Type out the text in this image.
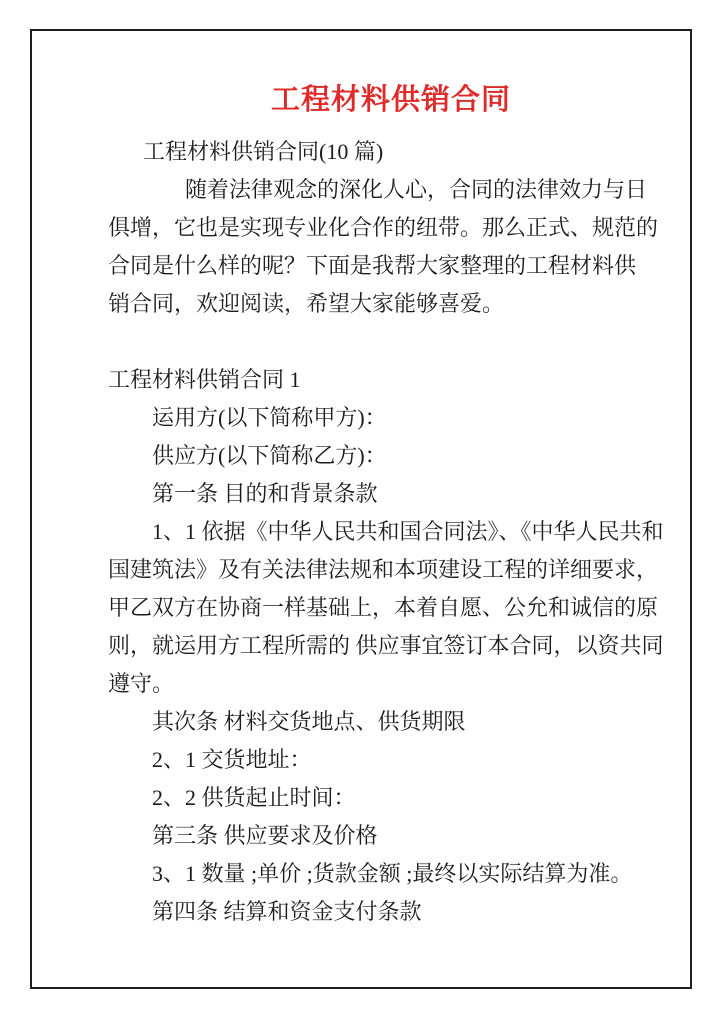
工程材料供销合同
工程材料供销合同(10 篇)
随着法律观念的深化人心，合同的法律效力与日
俱增，它也是实现专业化合作的纽带。那么正式、规范的
合同是什么样的呢？下面是我帮大家整理的工程材料供
销合同，欢迎阅读，希望大家能够喜爱。
工程材料供销合同 1
运用方(以下简称甲方)：
供应方(以下简称乙方)：
第一条 目的和背景条款
1、1 依据《中华人民共和国合同法》、《中华人民共和
国建筑法》及有关法律法规和本项建设工程的详细要求，
甲乙双方在协商一样基础上，本着自愿、公允和诚信的原
则，就运用方工程所需的 供应事宜签订本合同，以资共同
遵守。
其次条 材料交货地点、供货期限
2、1 交货地址：
2、2 供货起止时间：
第三条 供应要求及价格
3、1 数量 ;单价 ;货款金额 ;最终以实际结算为准。
第四条 结算和资金支付条款
